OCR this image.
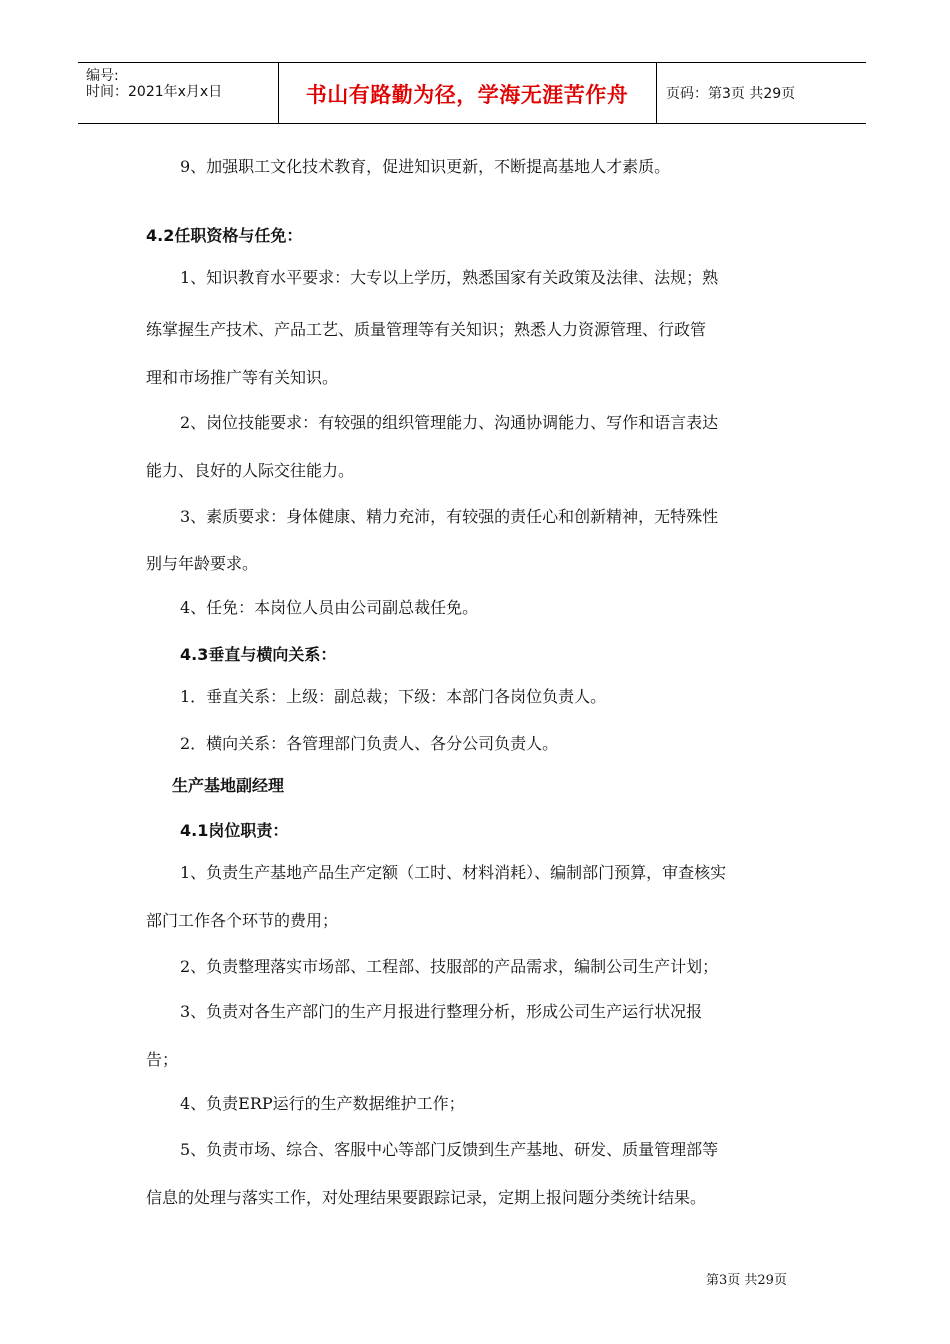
编号:
时间：2021年x月x日	书山有路勤为径，学海无涯苦作舟	页码：第3页 共29页
9、加强职工文化技术教育，促进知识更新，不断提高基地人才素质。
4.2任职资格与任免：
1、知识教育水平要求：大专以上学历，熟悉国家有关政策及法律、法规；熟
练掌握生产技术、产品工艺、质量管理等有关知识；熟悉人力资源管理、行政管
理和市场推广等有关知识。
2、岗位技能要求：有较强的组织管理能力、沟通协调能力、写作和语言表达
能力、良好的人际交往能力。
3、素质要求：身体健康、精力充沛，有较强的责任心和创新精神，无特殊性
别与年龄要求。
4、任免：本岗位人员由公司副总裁任免。
4.3垂直与横向关系：
1．垂直关系：上级：副总裁；下级：本部门各岗位负责人。
2．横向关系：各管理部门负责人、各分公司负责人。
生产基地副经理
4.1岗位职责：
1、负责生产基地产品生产定额（工时、材料消耗）、编制部门预算，审查核实
部门工作各个环节的费用；
2、负责整理落实市场部、工程部、技服部的产品需求，编制公司生产计划；
3、负责对各生产部门的生产月报进行整理分析，形成公司生产运行状况报
告；
4、负责ERP运行的生产数据维护工作；
5、负责市场、综合、客服中心等部门反馈到生产基地、研发、质量管理部等
信息的处理与落实工作，对处理结果要跟踪记录，定期上报问题分类统计结果。
第3页 共29页
